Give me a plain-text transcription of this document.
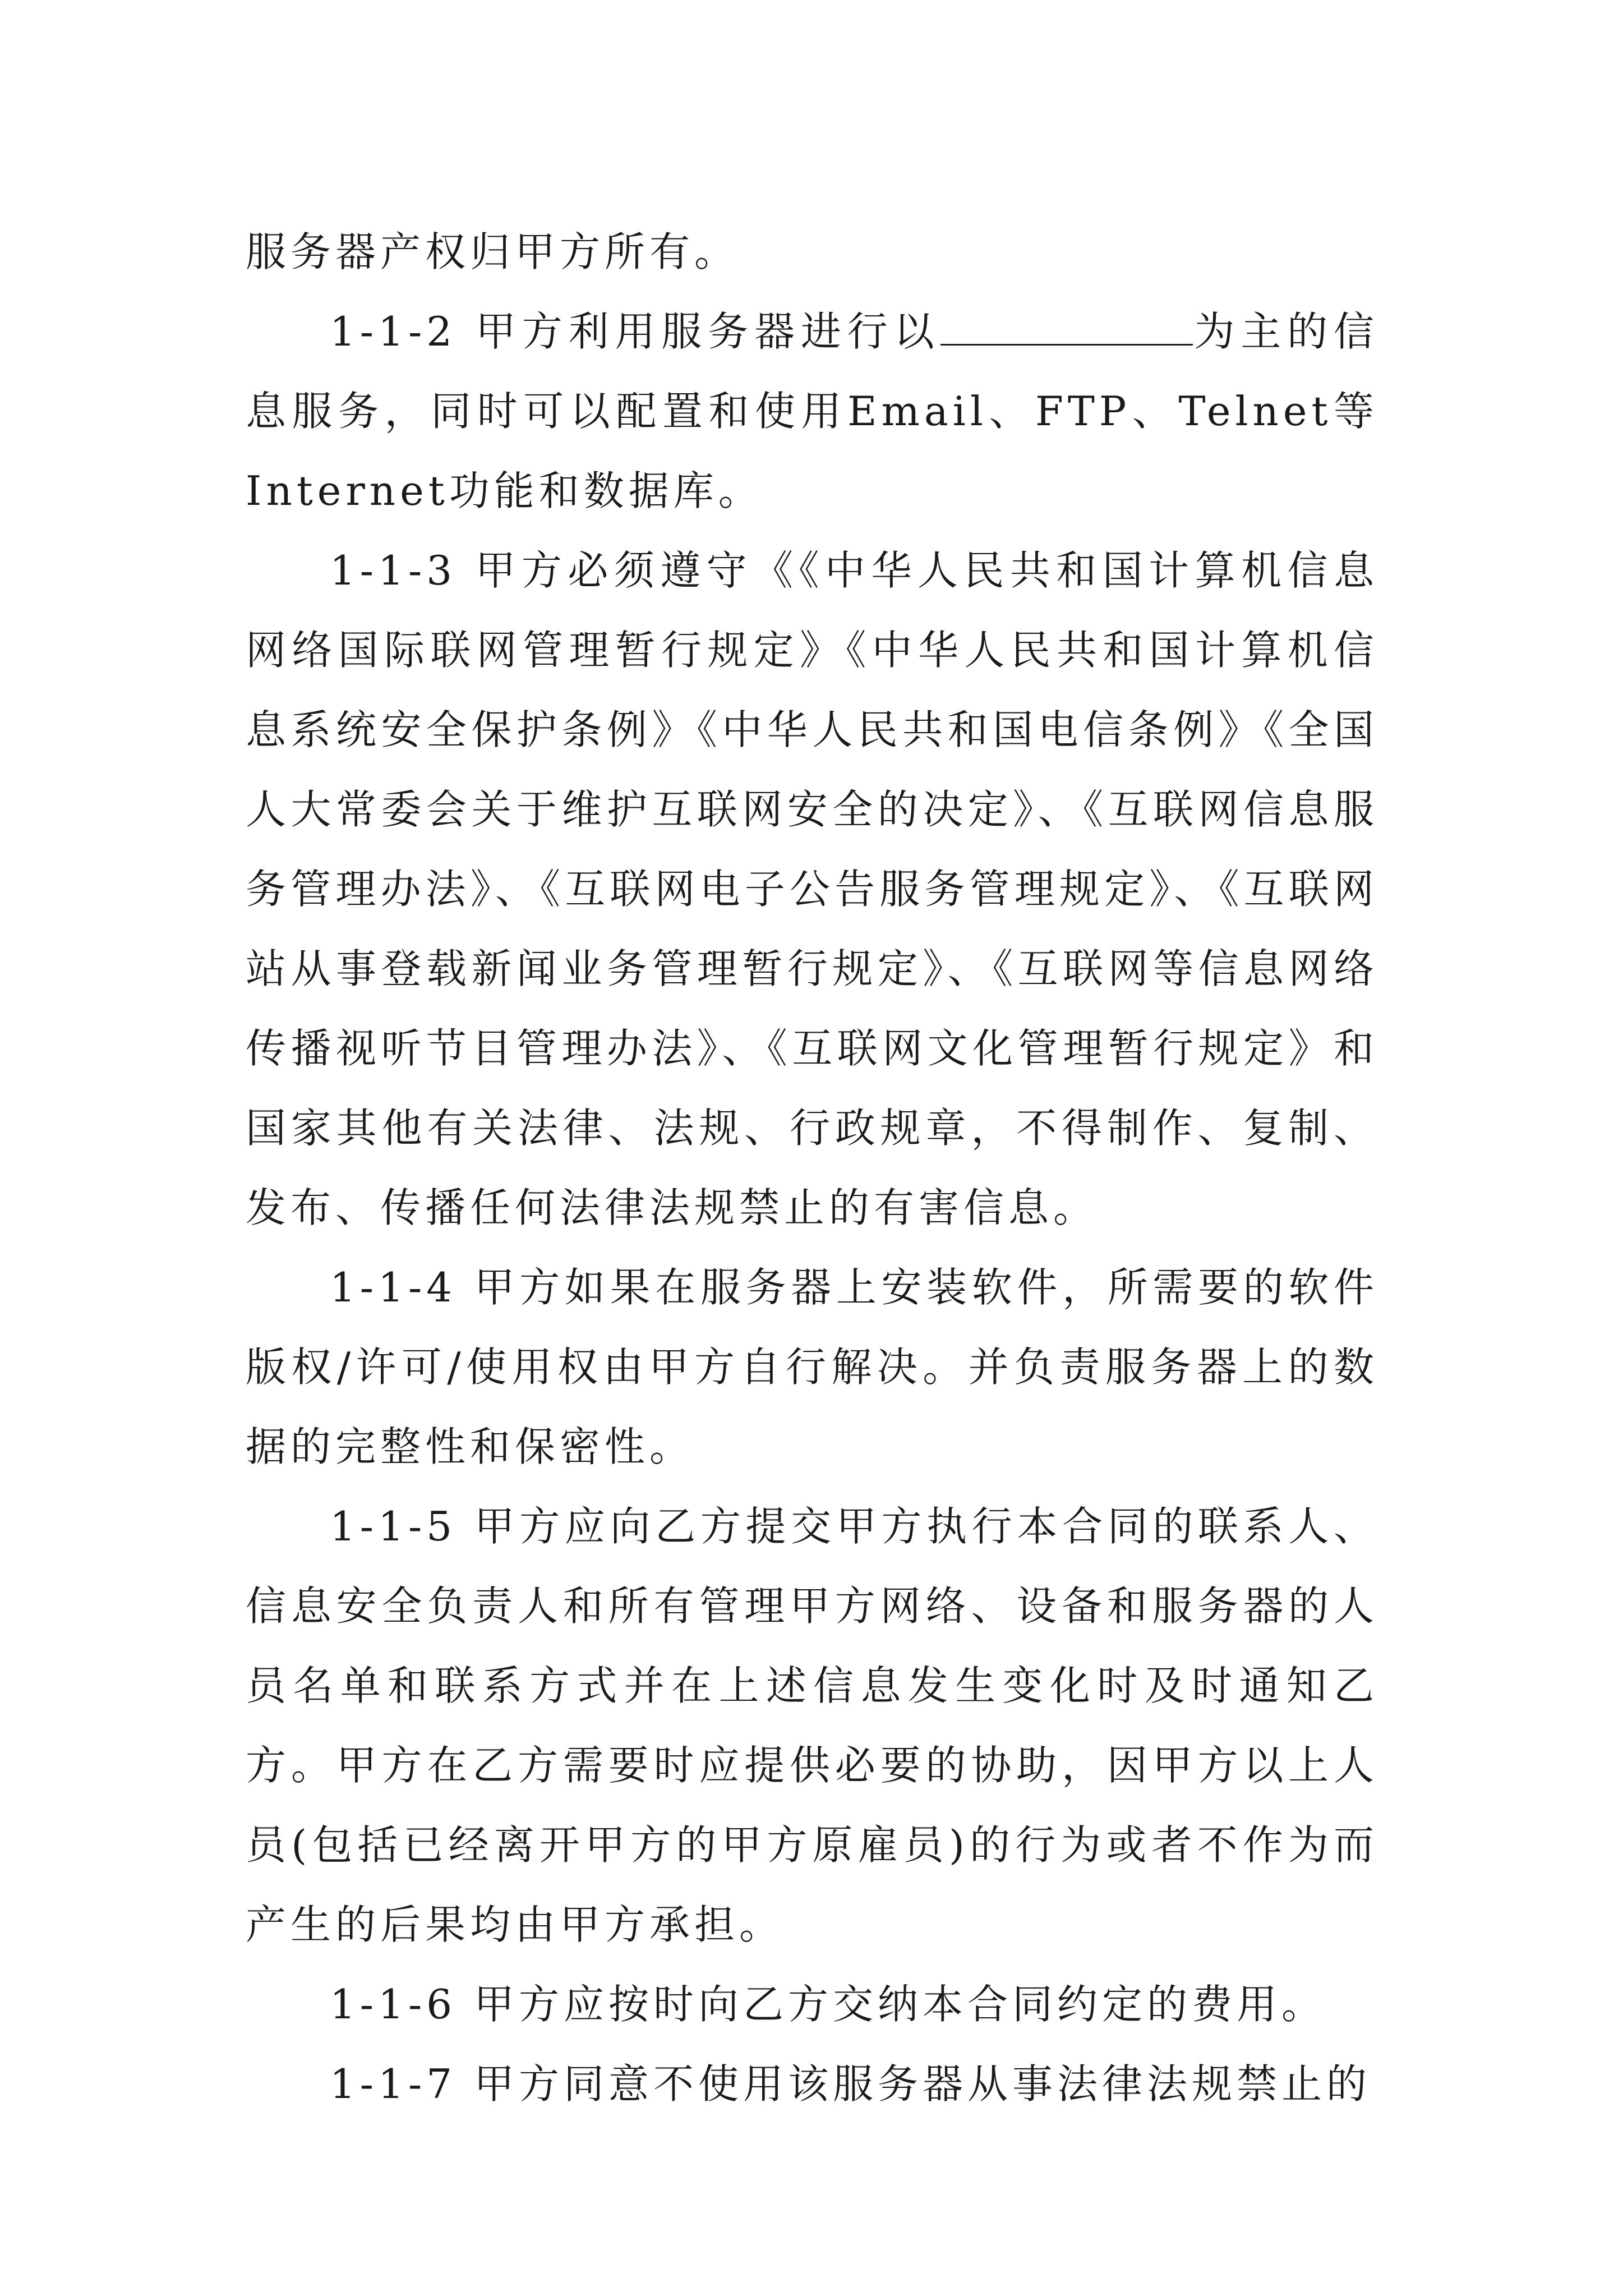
服务器产权归甲方所有。

1-1-2 甲方利用服务器进行以	为主的信息服务，同时可以配置和使用Email、FTP、Telnet等Internet功能和数据库。

1-1-3 甲方必须遵守《《中华人民共和国计算机信息网络国际联网管理暂行规定》《中华人民共和国计算机信息系统安全保护条例》《中华人民共和国电信条例》《全国人大常委会关于维护互联网安全的决定》、《互联网信息服务管理办法》、《互联网电子公告服务管理规定》、《互联网站从事登载新闻业务管理暂行规定》、《互联网等信息网络传播视听节目管理办法》、《互联网文化管理暂行规定》和国家其他有关法律、法规、行政规章，不得制作、复制、发布、传播任何法律法规禁止的有害信息。

1-1-4 甲方如果在服务器上安装软件，所需要的软件版权/许可/使用权由甲方自行解决。并负责服务器上的数据的完整性和保密性。

1-1-5 甲方应向乙方提交甲方执行本合同的联系人、信息安全负责人和所有管理甲方网络、设备和服务器的人员名单和联系方式并在上述信息发生变化时及时通知乙方。甲方在乙方需要时应提供必要的协助，因甲方以上人员(包括已经离开甲方的甲方原雇员)的行为或者不作为而产生的后果均由甲方承担。

1-1-6 甲方应按时向乙方交纳本合同约定的费用。

1-1-7 甲方同意不使用该服务器从事法律法规禁止的
